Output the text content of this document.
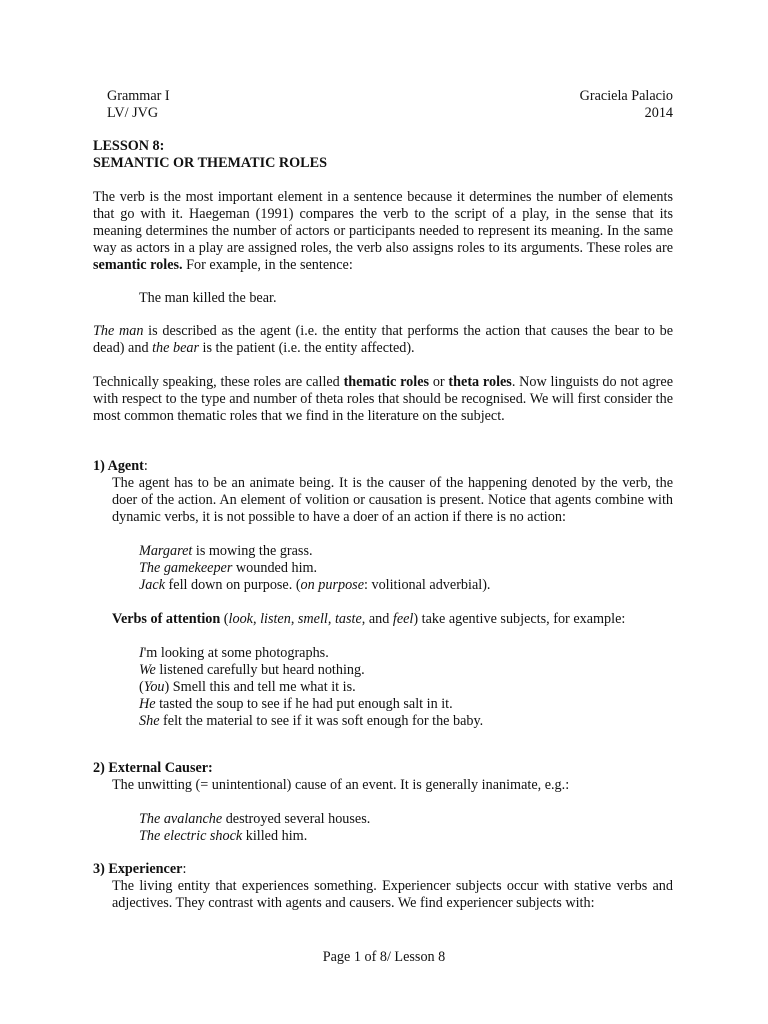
Grammar I
LV/ JVG
Graciela Palacio
2014
LESSON 8:
SEMANTIC OR THEMATIC ROLES

The verb is the most important element in a sentence because it determines the number of elements that go with it. Haegeman (1991) compares the verb to the script of a play, in the sense that its meaning determines the number of actors or participants needed to represent its meaning. In the same way as actors in a play are assigned roles, the verb also assigns roles to its arguments. These roles are semantic roles. For example, in the sentence:

The man killed the bear.

The man is described as the agent (i.e. the entity that performs the action that causes the bear to be dead) and the bear is the patient (i.e. the entity affected).

Technically speaking, these roles are called thematic roles or theta roles. Now linguists do not agree with respect to the type and number of theta roles that should be recognised. We will first consider the most common thematic roles that we find in the literature on the subject.

1) Agent:

The agent has to be an animate being. It is the causer of the happening denoted by the verb, the doer of the action. An element of volition or causation is present. Notice that agents combine with dynamic verbs, it is not possible to have a doer of an action if there is no action:

Margaret is mowing the grass.
The gamekeeper wounded him.
Jack fell down on purpose. (on purpose: volitional adverbial).

Verbs of attention (look, listen, smell, taste, and feel) take agentive subjects, for example:

I'm looking at some photographs.
We listened carefully but heard nothing.
(You) Smell this and tell me what it is.
He tasted the soup to see if he had put enough salt in it.
She felt the material to see if it was soft enough for the baby.
2) External Causer:

The unwitting (= unintentional) cause of an event. It is generally inanimate, e.g.:

The avalanche destroyed several houses.
The electric shock killed him.
3) Experiencer:

The living entity that experiences something. Experiencer subjects occur with stative verbs and adjectives. They contrast with agents and causers. We find experiencer subjects with:

Page 1 of 8/ Lesson 8
